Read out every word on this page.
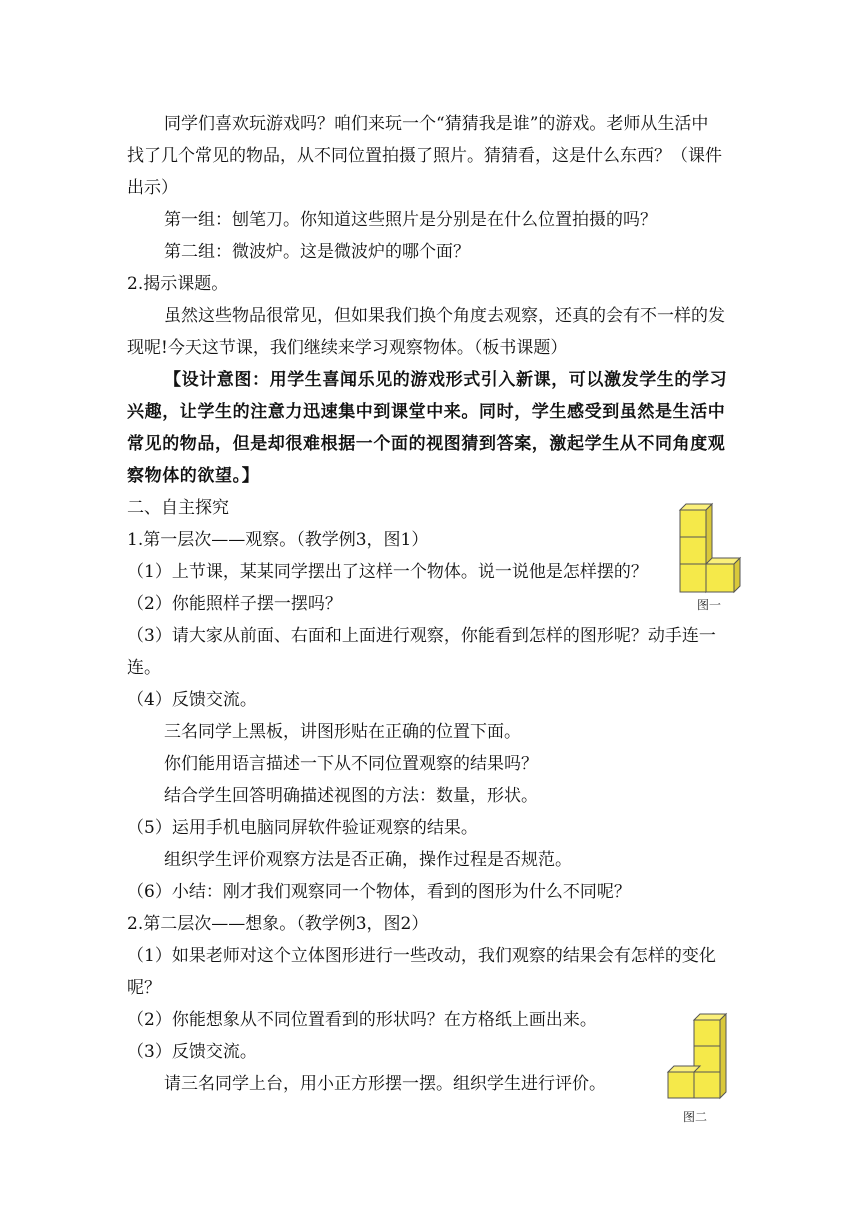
同学们喜欢玩游戏吗？咱们来玩一个“猜猜我是谁”的游戏。老师从生活中
找了几个常见的物品，从不同位置拍摄了照片。猜猜看，这是什么东西？（课件
出示）
第一组：刨笔刀。你知道这些照片是分别是在什么位置拍摄的吗？
第二组：微波炉。这是微波炉的哪个面？
2.揭示课题。
虽然这些物品很常见，但如果我们换个角度去观察，还真的会有不一样的发
现呢!今天这节课，我们继续来学习观察物体。（板书课题）
【设计意图：用学生喜闻乐见的游戏形式引入新课，可以激发学生的学习
兴趣，让学生的注意力迅速集中到课堂中来。同时，学生感受到虽然是生活中
常见的物品，但是却很难根据一个面的视图猜到答案，激起学生从不同角度观
察物体的欲望。】
二、自主探究
1.第一层次——观察。（教学例3，图1）
（1）上节课，某某同学摆出了这样一个物体。说一说他是怎样摆的？
（2）你能照样子摆一摆吗？
（3）请大家从前面、右面和上面进行观察，你能看到怎样的图形呢？动手连一
连。
（4）反馈交流。
三名同学上黑板，讲图形贴在正确的位置下面。
你们能用语言描述一下从不同位置观察的结果吗？
结合学生回答明确描述视图的方法：数量，形状。
（5）运用手机电脑同屏软件验证观察的结果。
组织学生评价观察方法是否正确，操作过程是否规范。
（6）小结：刚才我们观察同一个物体，看到的图形为什么不同呢？
2.第二层次——想象。（教学例3，图2）
（1）如果老师对这个立体图形进行一些改动，我们观察的结果会有怎样的变化
呢？
（2）你能想象从不同位置看到的形状吗？在方格纸上画出来。
（3）反馈交流。
请三名同学上台，用小正方形摆一摆。组织学生进行评价。
图一
图二
